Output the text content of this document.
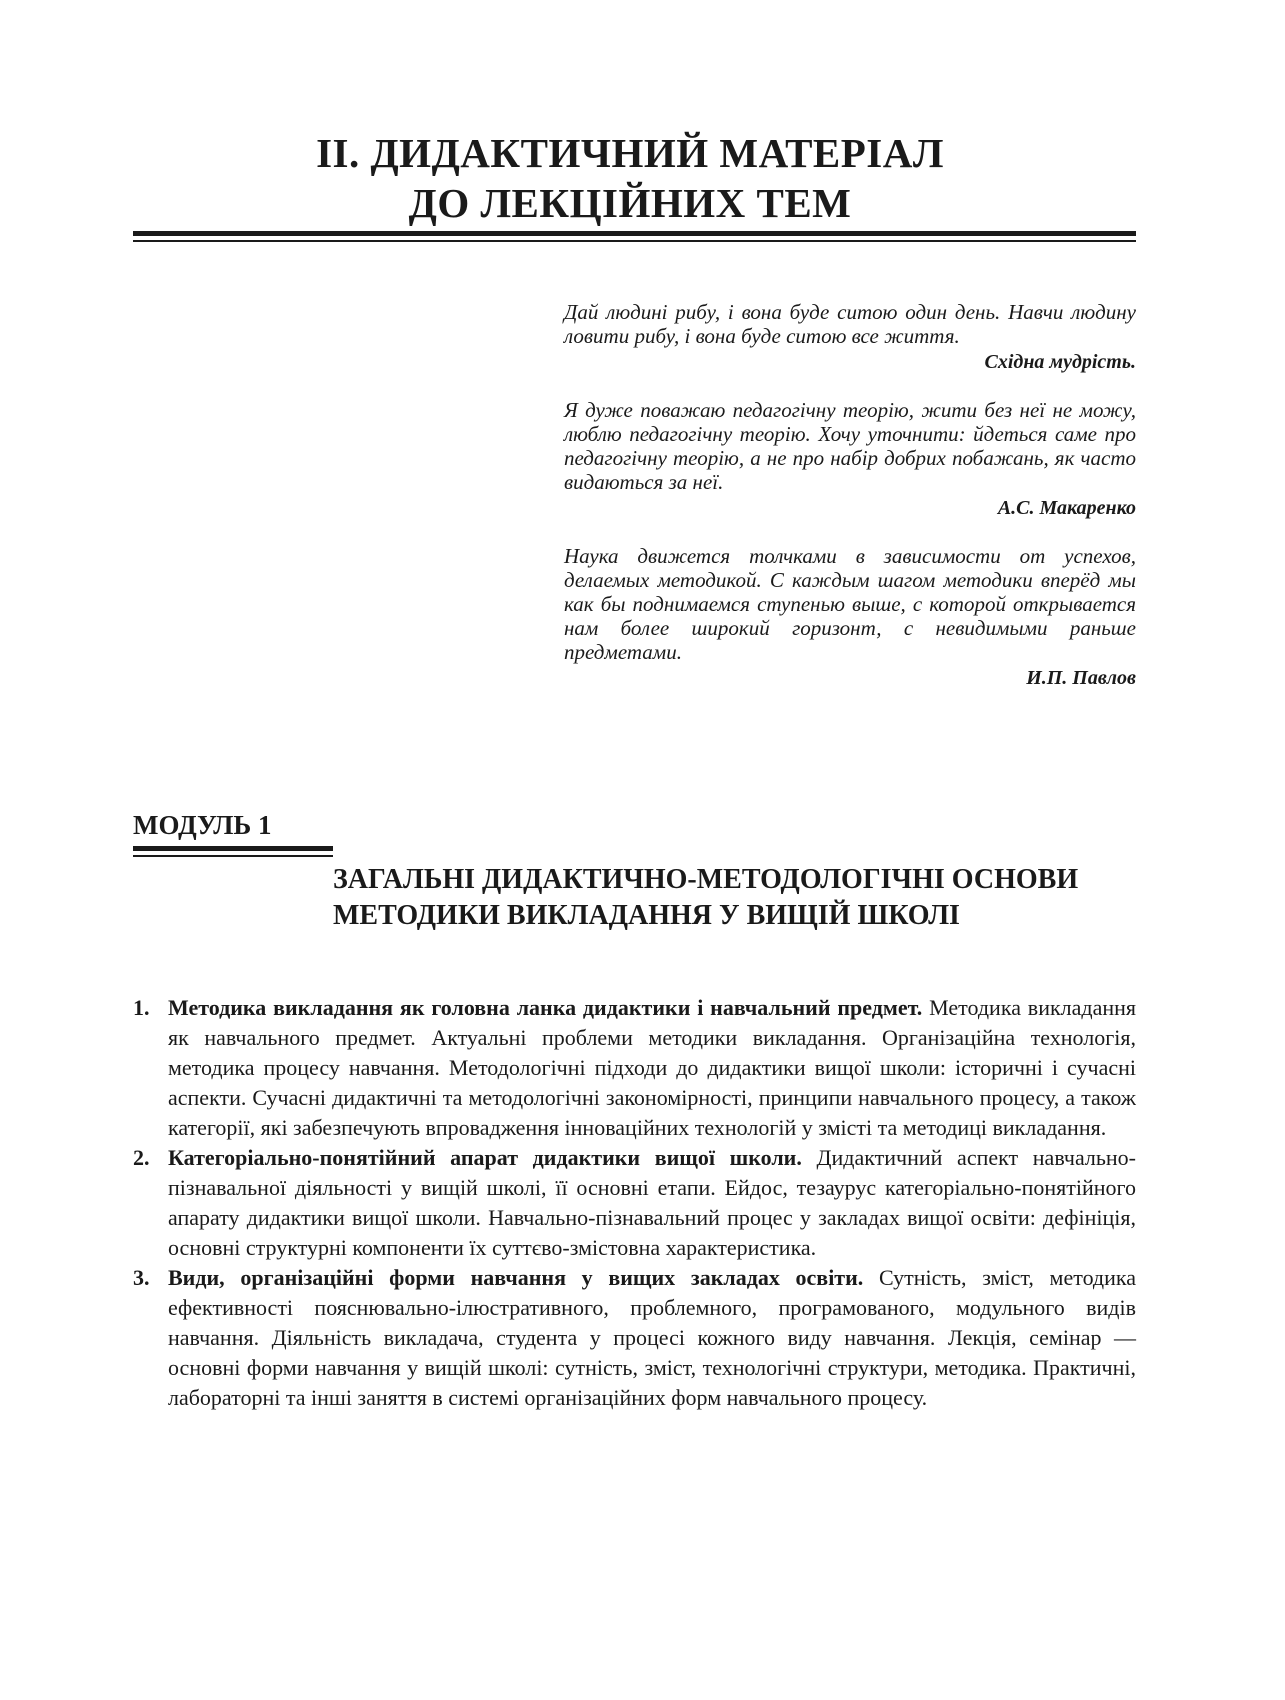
ІІ. ДИДАКТИЧНИЙ МАТЕРІАЛ
ДО ЛЕКЦІЙНИХ ТЕМ

Дай людині рибу, і вона буде ситою один день. Навчи людину ловити рибу, і вона буде ситою все життя.

Східна мудрість.

Я дуже поважаю педагогічну теорію, жити без неї не можу, люблю педагогічну теорію. Хочу уточнити: йдеться саме про педагогічну теорію, а не про набір добрих побажань, як часто видаються за неї.

А.С. Макаренко

Наука движется толчками в зависимости от успехов, делаемых методикой. С каждым шагом методики вперёд мы как бы поднимаемся ступенью выше, с которой открывается нам более широкий горизонт, с невидимыми раньше предметами.

И.П. Павлов

МОДУЛЬ 1
ЗАГАЛЬНІ ДИДАКТИЧНО-МЕТОДОЛОГІЧНІ ОСНОВИ МЕТОДИКИ ВИКЛАДАННЯ У ВИЩІЙ ШКОЛІ

1. Методика викладання як головна ланка дидактики і навчальний предмет. Методика викладання як навчального предмет. Актуальні проблеми методики викладання. Організаційна технологія, методика процесу навчання. Методологічні підходи до дидактики вищої школи: історичні і сучасні аспекти. Сучасні дидактичні та методологічні закономірності, принципи навчального процесу, а також категорії, які забезпечують впровадження інноваційних технологій у змісті та методиці викладання.

2. Категоріально-понятійний апарат дидактики вищої школи. Дидактичний аспект навчально-пізнавальної діяльності у вищій школі, її основні етапи. Ейдос, тезаурус категоріально-понятійного апарату дидактики вищої школи. Навчально-пізнавальний процес у закладах вищої освіти: дефініція, основні структурні компоненти їх суттєво-змістовна характеристика.

3. Види, організаційні форми навчання у вищих закладах освіти. Сутність, зміст, методика ефективності пояснювально-ілюстративного, проблемного, програмованого, модульного видів навчання. Діяльність викладача, студента у процесі кожного виду навчання. Лекція, семінар — основні форми навчання у вищій школі: сутність, зміст, технологічні структури, методика. Практичні, лабораторні та інші заняття в системі організаційних форм навчального процесу.
